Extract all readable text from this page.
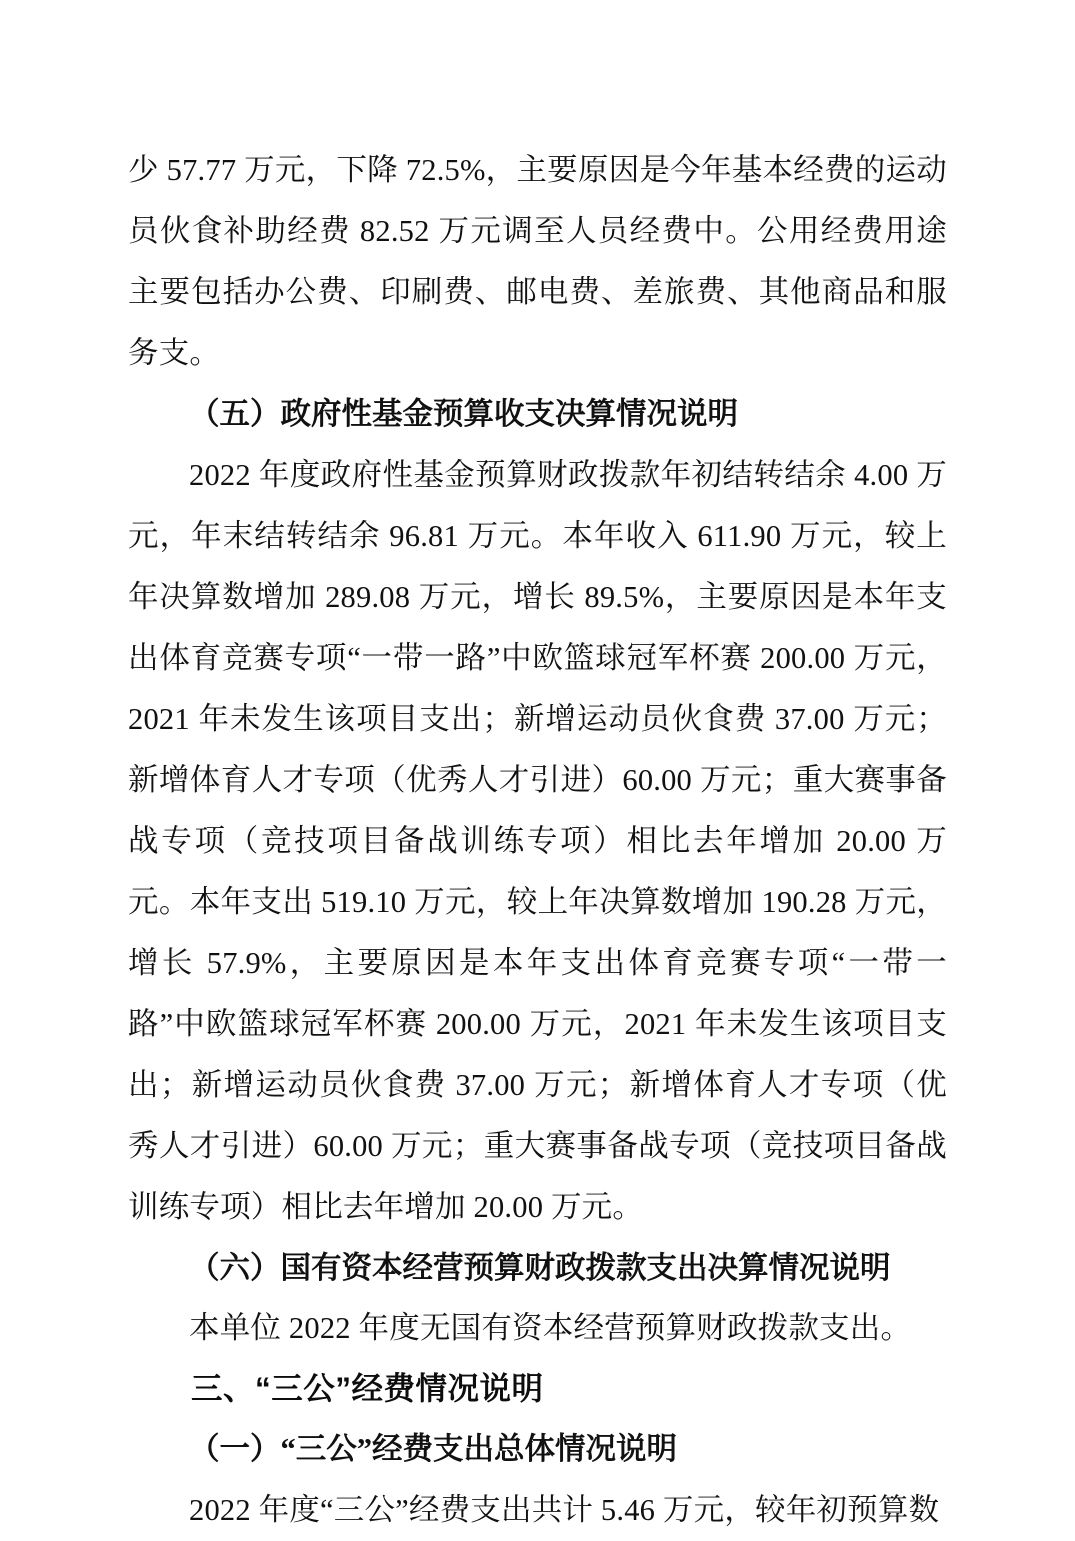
少 57.77 万元，下降 72.5%，主要原因是今年基本经费的运动员伙食补助经费 82.52 万元调至人员经费中。公用经费用途主要包括办公费、印刷费、邮电费、差旅费、其他商品和服务支。

（五）政府性基金预算收支决算情况说明

2022 年度政府性基金预算财政拨款年初结转结余 4.00 万元，年末结转结余 96.81 万元。本年收入 611.90 万元，较上年决算数增加 289.08 万元，增长 89.5%，主要原因是本年支出体育竞赛专项“一带一路”中欧篮球冠军杯赛 200.00 万元，2021 年未发生该项目支出；新增运动员伙食费 37.00 万元；新增体育人才专项（优秀人才引进）60.00 万元；重大赛事备战专项（竞技项目备战训练专项）相比去年增加 20.00 万元。本年支出 519.10 万元，较上年决算数增加 190.28 万元，增长 57.9%，主要原因是本年支出体育竞赛专项“一带一路”中欧篮球冠军杯赛 200.00 万元，2021 年未发生该项目支出；新增运动员伙食费 37.00 万元；新增体育人才专项（优秀人才引进）60.00 万元；重大赛事备战专项（竞技项目备战训练专项）相比去年增加 20.00 万元。

（六）国有资本经营预算财政拨款支出决算情况说明

本单位 2022 年度无国有资本经营预算财政拨款支出。

三、“三公”经费情况说明

（一）“三公”经费支出总体情况说明

2022 年度“三公”经费支出共计 5.46 万元，较年初预算数
